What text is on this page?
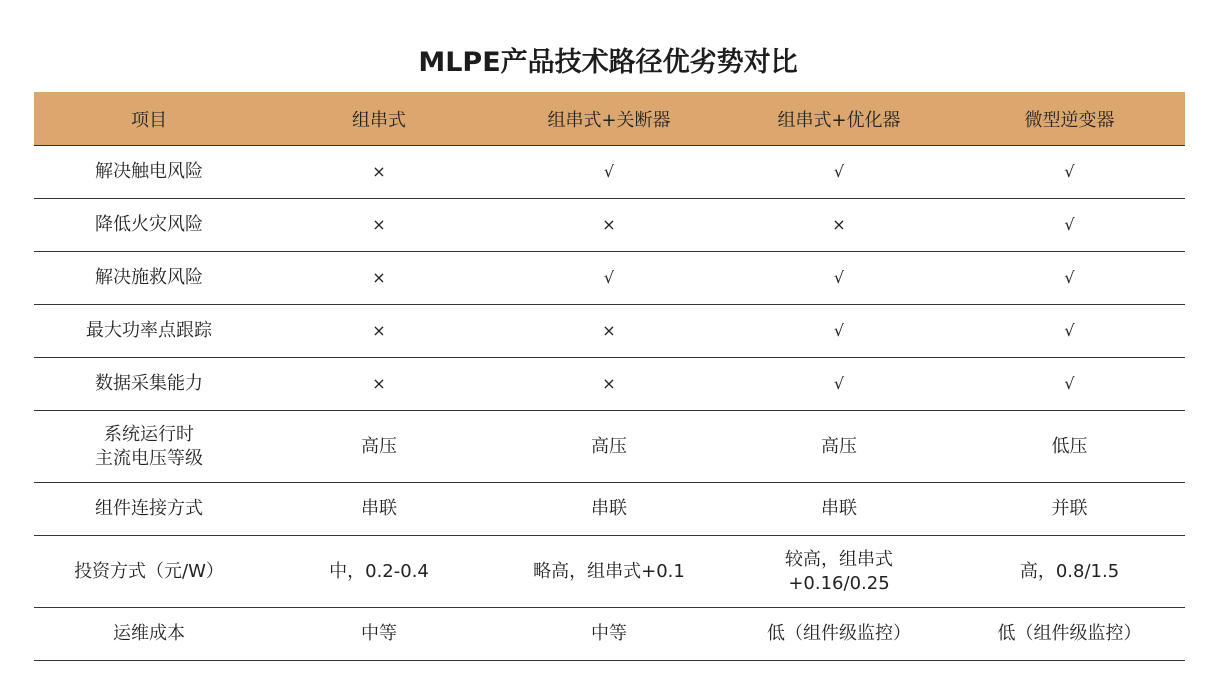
MLPE产品技术路径优劣势对比
项目	组串式	组串式+关断器	组串式+优化器	微型逆变器

解决触电风险	×	√	√	√

降低火灾风险	×	×	×	√

解决施救风险	×	√	√	√

最大功率点跟踪	×	×	√	√

数据采集能力	×	×	√	√

系统运行时
主流电压等级	高压	高压	高压	低压

组件连接方式	串联	串联	串联	并联

投资方式（元/W）	中，0.2-0.4	略高，组串式+0.1	较高，组串式
+0.16/0.25	高，0.8/1.5

运维成本	中等	中等	低（组件级监控）	低（组件级监控）
